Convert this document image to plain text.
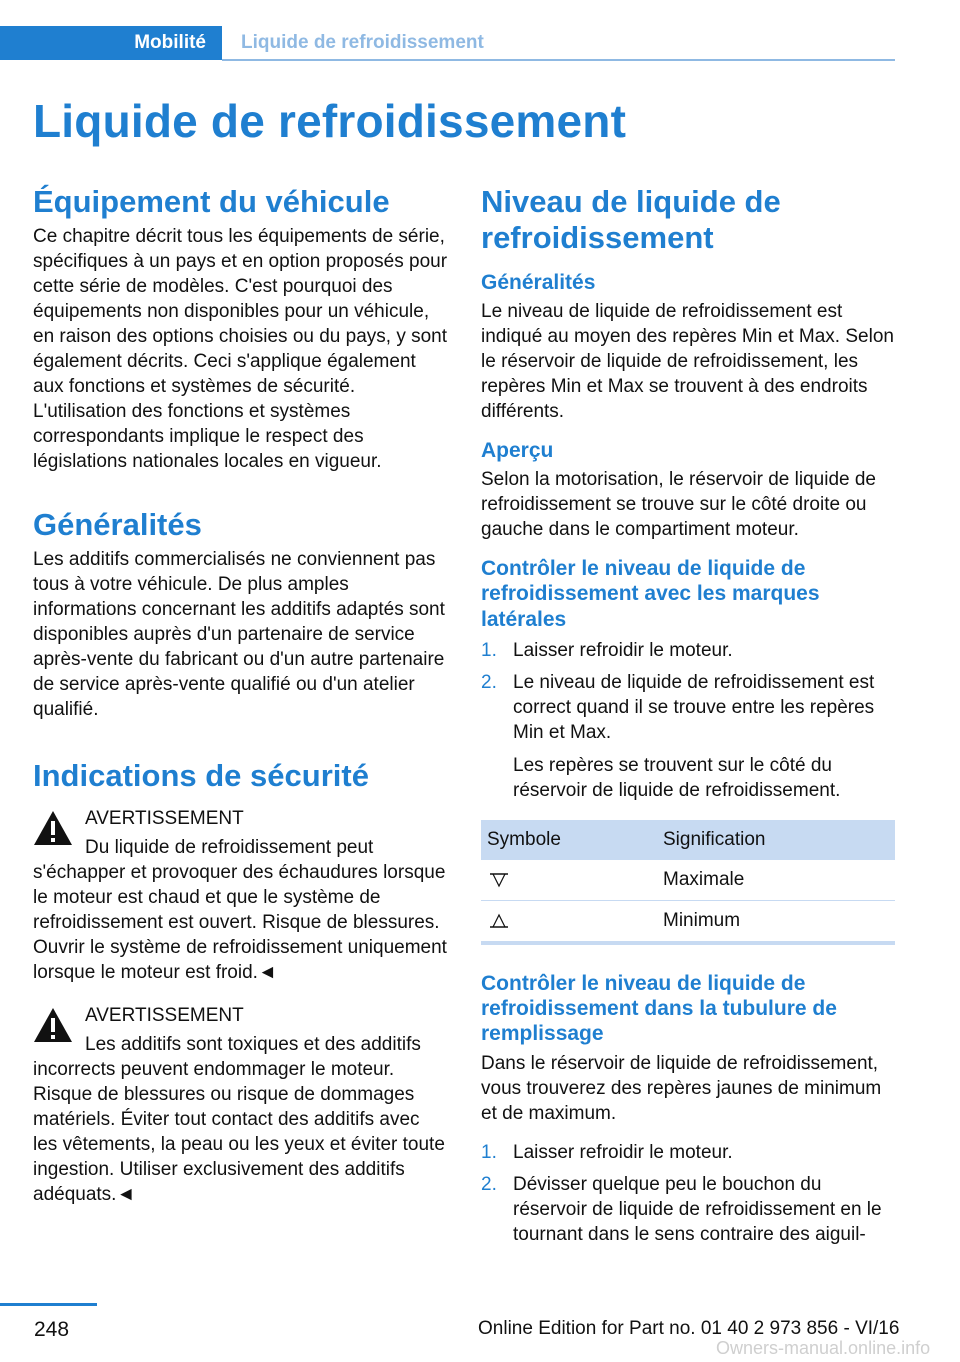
Mobilité Liquide de refroidissement
Liquide de refroidissement
Équipement du véhicule

Ce chapitre décrit tous les équipements de série, spécifiques à un pays et en option proposés pour cette série de modèles. C'est pourquoi des équipements non disponibles pour un véhicule, en raison des options choisies ou du pays, y sont également décrits. Ceci s'applique également aux fonctions et systèmes de sécurité. L'utilisation des fonctions et systèmes correspondants implique le respect des législations nationales locales en vigueur.

Généralités

Les additifs commercialisés ne conviennent pas tous à votre véhicule. De plus amples informations concernant les additifs adaptés sont disponibles auprès d'un partenaire de service après-vente du fabricant ou d'un autre partenaire de service après-vente qualifié ou d'un atelier qualifié.

Indications de sécurité

AVERTISSEMENT

Du liquide de refroidissement peut s'échapper et provoquer des échaudures lorsque le moteur est chaud et que le système de refroidissement est ouvert. Risque de blessures. Ouvrir le système de refroidissement uniquement lorsque le moteur est froid.◄

AVERTISSEMENT

Les additifs sont toxiques et des additifs incorrects peuvent endommager le moteur. Risque de blessures ou risque de dommages matériels. Éviter tout contact des additifs avec les vêtements, la peau ou les yeux et éviter toute ingestion. Utiliser exclusivement des additifs adéquats.◄

Niveau de liquide de refroidissement
Généralités

Le niveau de liquide de refroidissement est indiqué au moyen des repères Min et Max. Selon le réservoir de liquide de refroidissement, les repères Min et Max se trouvent à des endroits différents.

Aperçu

Selon la motorisation, le réservoir de liquide de refroidissement se trouve sur le côté droite ou gauche dans le compartiment moteur.

Contrôler le niveau de liquide de refroidissement avec les marques latérales
1. Laisser refroidir le moteur.
2. Le niveau de liquide de refroidissement est correct quand il se trouve entre les repères Min et Max.
Les repères se trouvent sur le côté du réservoir de liquide de refroidissement.
Symbole	Signification

	Maximale

	Minimum
Contrôler le niveau de liquide de refroidissement dans la tubulure de remplissage

Dans le réservoir de liquide de refroidissement, vous trouverez des repères jaunes de minimum et de maximum.

1. Laisser refroidir le moteur.
2. Dévisser quelque peu le bouchon du réservoir de liquide de refroidissement en le tournant dans le sens contraire des aiguil-
248	Online Edition for Part no. 01 40 2 973 856 - VI/16
Owners-manual.online.info
